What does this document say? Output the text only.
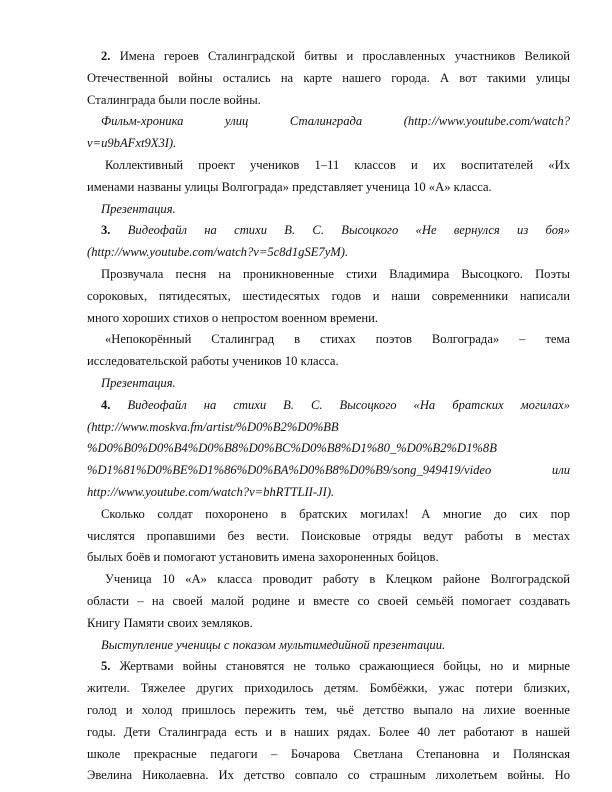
2. Имена героев Сталинградской битвы и прославленных участников Великой
Отечественной войны остались на карте нашего города. А вот такими улицы
Сталинграда были после войны.
Фильм-хроника улиц Сталинграда (http://www.youtube.com/watch?
v=u9bAFxt9X3I).
Коллективный проект учеников 1–11 классов и их воспитателей «Их
именами названы улицы Волгограда» представляет ученица 10 «А» класса.
Презентация.
3. Видеофайл на стихи В. С. Высоцкого «Не вернулся из боя»
(http://www.youtube.com/watch?v=5c8d1gSE7yM).
Прозвучала песня на проникновенные стихи Владимира Высоцкого. Поэты
сороковых, пятидесятых, шестидесятых годов и наши современники написали
много хороших стихов о непростом военном времени.
«Непокорённый Сталинград в стихах поэтов Волгограда» – тема
исследовательской работы учеников 10 класса.
Презентация.
4. Видеофайл на стихи В. С. Высоцкого «На братских могилах»
(http://www.moskva.fm/artist/%D0%B2%D0%BB
%D0%B0%D0%B4%D0%B8%D0%BC%D0%B8%D1%80_%D0%B2%D1%8B
%D1%81%D0%BE%D1%86%D0%BA%D0%B8%D0%B9/song_949419/video или
http://www.youtube.com/watch?v=bhRTTLII-JI).
Сколько солдат похоронено в братских могилах! А многие до сих пор
числятся пропавшими без вести. Поисковые отряды ведут работы в местах
былых боёв и помогают установить имена захороненных бойцов.
Ученица 10 «А» класса проводит работу в Клецком районе Волгоградской
области – на своей малой родине и вместе со своей семьёй помогает создавать
Книгу Памяти своих земляков.
Выступление ученицы с показом мультимедийной презентации.
5. Жертвами войны становятся не только сражающиеся бойцы, но и мирные
жители. Тяжелее других приходилось детям. Бомбёжки, ужас потери близких,
голод и холод пришлось пережить тем, чьё детство выпало на лихие военные
годы. Дети Сталинграда есть и в наших рядах. Более 40 лет работают в нашей
школе прекрасные педагоги – Бочарова Светлана Степановна и Полянская
Эвелина Николаевна. Их детство совпало со страшным лихолетьем войны. Но
